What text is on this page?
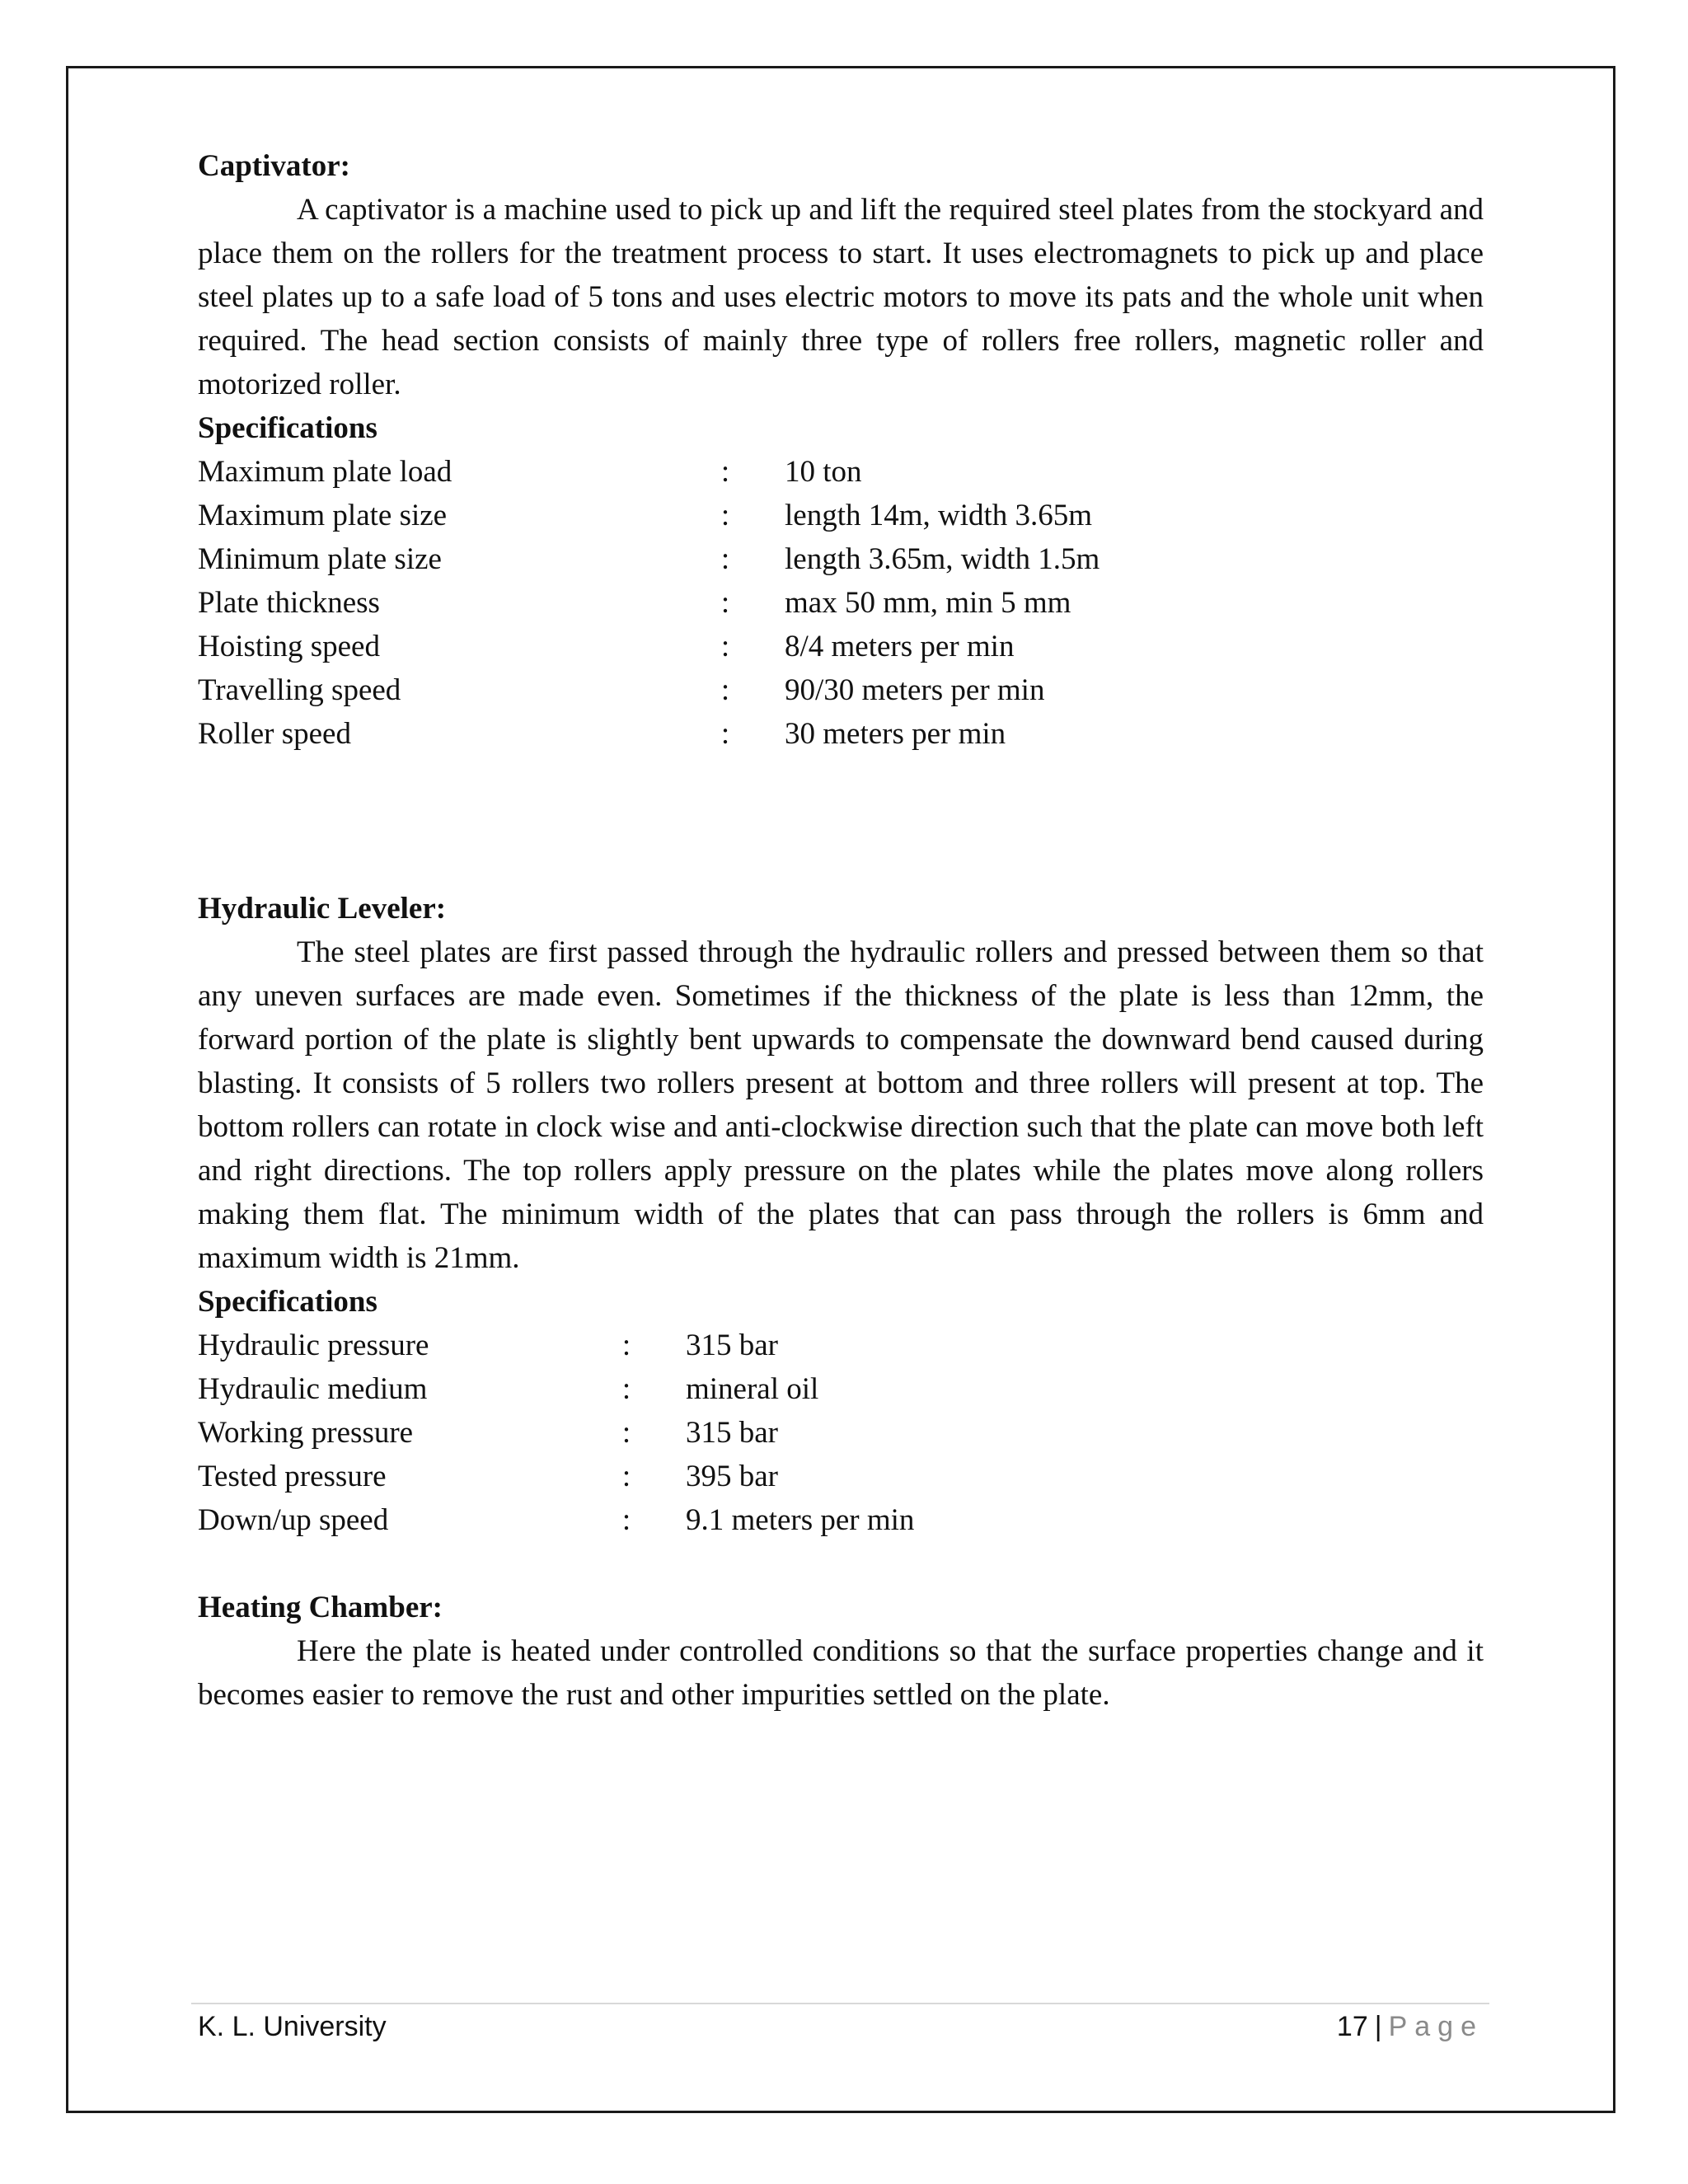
Captivator:

A captivator is a machine used to pick up and lift the required steel plates from the stockyard and place them on the rollers for the treatment process to start. It uses electromagnets to pick up and place steel plates up to a safe load of 5 tons and uses electric motors to move its pats and the whole unit when required. The head section consists of mainly three type of rollers free rollers, magnetic roller and motorized roller.

Specifications

Maximum plate load	:	10 ton
Maximum plate size	:	length 14m, width 3.65m
Minimum plate size	:	length 3.65m, width 1.5m
Plate thickness	:	max 50 mm, min 5 mm
Hoisting speed	:	8/4 meters per min
Travelling speed	:	90/30 meters per min
Roller speed	:	30 meters per min

Hydraulic Leveler:

The steel plates are first passed through the hydraulic rollers and pressed between them so that any uneven surfaces are made even. Sometimes if the thickness of the plate is less than 12mm, the forward portion of the plate is slightly bent upwards to compensate the downward bend caused during blasting. It consists of 5 rollers two rollers present at bottom and three rollers will present at top. The bottom rollers can rotate in clock wise and anti-clockwise direction such that the plate can move both left and right directions. The top rollers apply pressure on the plates while the plates move along rollers making them flat. The minimum width of the plates that can pass through the rollers is 6mm and maximum width is 21mm.

Specifications

Hydraulic pressure	:	315 bar
Hydraulic medium	:	mineral oil
Working pressure	:	315 bar
Tested pressure	:	395 bar
Down/up speed	:	9.1 meters per min

Heating Chamber:

Here the plate is heated under controlled conditions so that the surface properties change and it becomes easier to remove the rust and other impurities settled on the plate.

K. L. University	17 | Page
